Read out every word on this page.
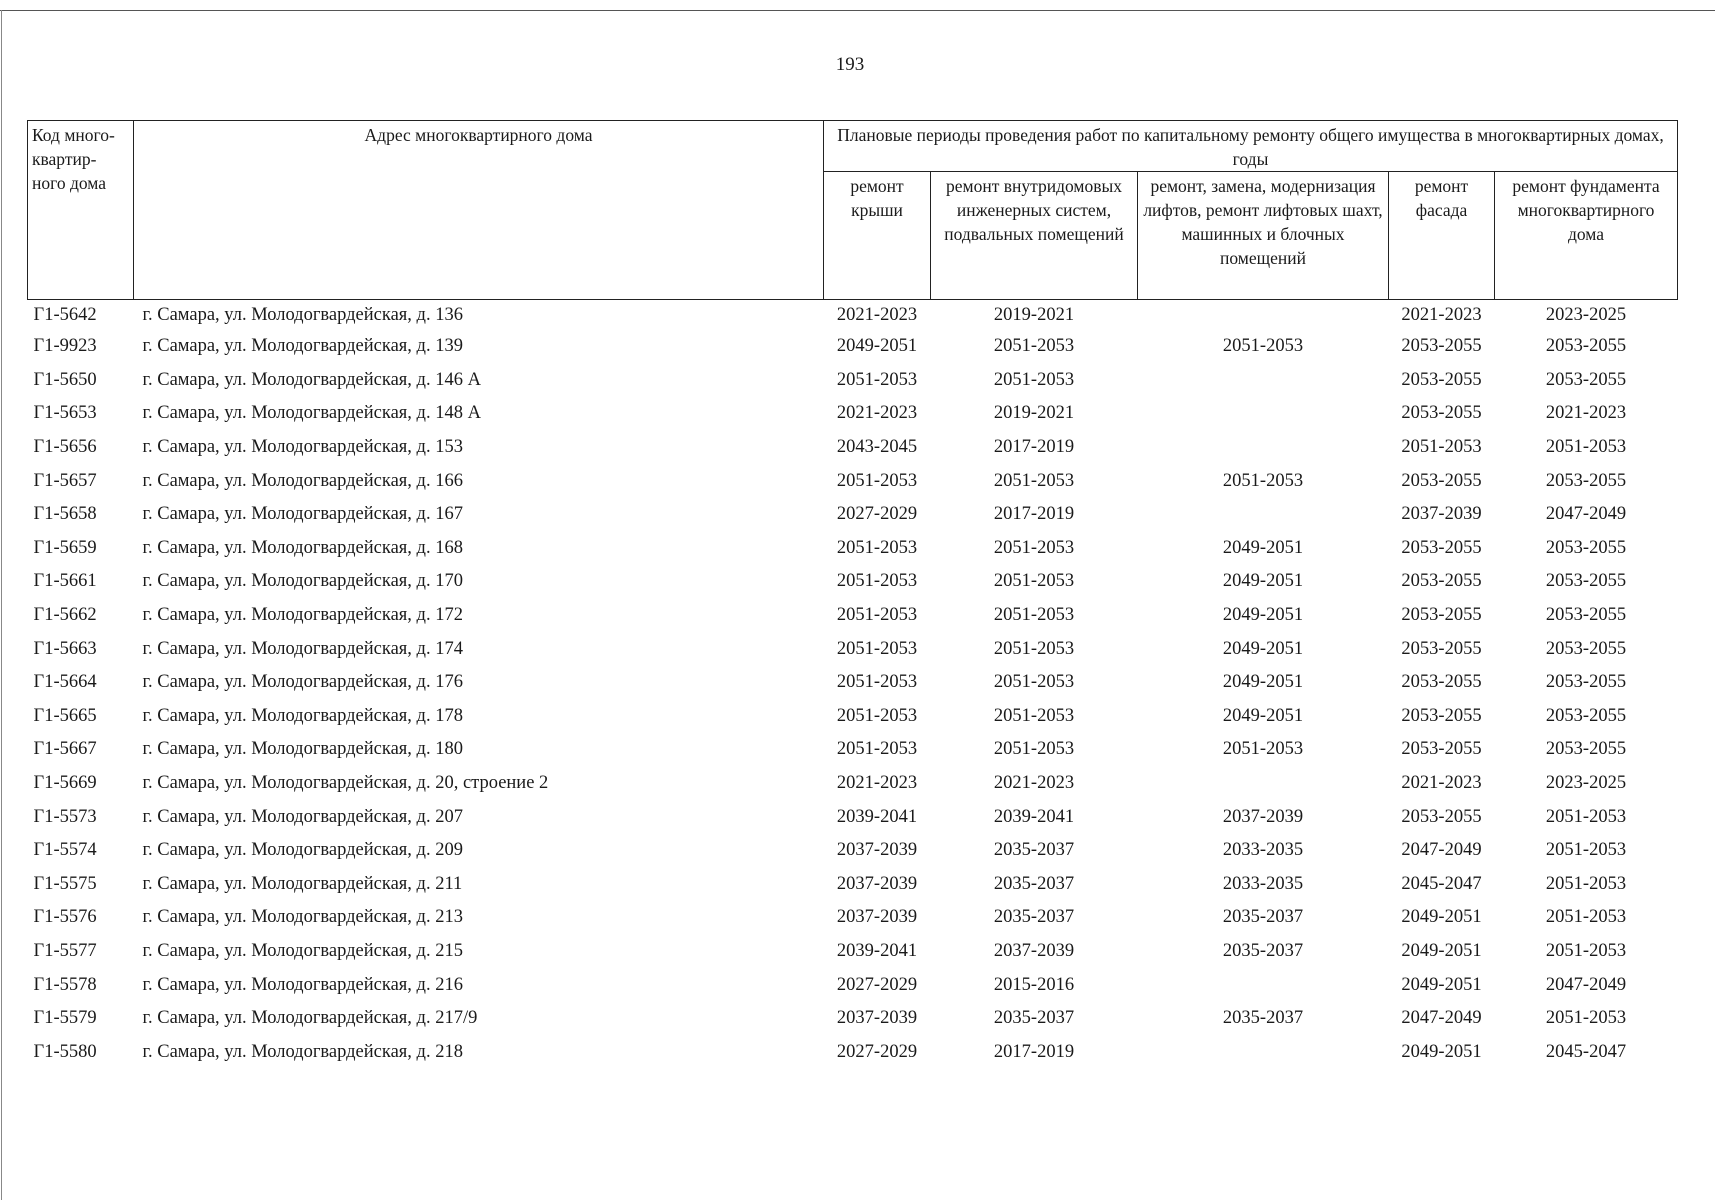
193
Код много-квартир-ного дома	Адрес многоквартирного дома	Плановые периоды проведения работ по капитальному ремонту общего имущества в многоквартирных домах, годы				
		ремонт крыши	ремонт внутридомовых инженерных систем, подвальных помещений	ремонт, замена, модернизация лифтов, ремонт лифтовых шахт, машинных и блочных помещений	ремонт фасада	ремонт фундамента многоквартирного дома
Г1-5642	г. Самара, ул. Молодогвардейская, д. 136	2021-2023	2019-2021		2021-2023	2023-2025
Г1-9923	г. Самара, ул. Молодогвардейская, д. 139	2049-2051	2051-2053	2051-2053	2053-2055	2053-2055
Г1-5650	г. Самара, ул. Молодогвардейская, д. 146 А	2051-2053	2051-2053		2053-2055	2053-2055
Г1-5653	г. Самара, ул. Молодогвардейская, д. 148 А	2021-2023	2019-2021		2053-2055	2021-2023
Г1-5656	г. Самара, ул. Молодогвардейская, д. 153	2043-2045	2017-2019		2051-2053	2051-2053
Г1-5657	г. Самара, ул. Молодогвардейская, д. 166	2051-2053	2051-2053	2051-2053	2053-2055	2053-2055
Г1-5658	г. Самара, ул. Молодогвардейская, д. 167	2027-2029	2017-2019		2037-2039	2047-2049
Г1-5659	г. Самара, ул. Молодогвардейская, д. 168	2051-2053	2051-2053	2049-2051	2053-2055	2053-2055
Г1-5661	г. Самара, ул. Молодогвардейская, д. 170	2051-2053	2051-2053	2049-2051	2053-2055	2053-2055
Г1-5662	г. Самара, ул. Молодогвардейская, д. 172	2051-2053	2051-2053	2049-2051	2053-2055	2053-2055
Г1-5663	г. Самара, ул. Молодогвардейская, д. 174	2051-2053	2051-2053	2049-2051	2053-2055	2053-2055
Г1-5664	г. Самара, ул. Молодогвардейская, д. 176	2051-2053	2051-2053	2049-2051	2053-2055	2053-2055
Г1-5665	г. Самара, ул. Молодогвардейская, д. 178	2051-2053	2051-2053	2049-2051	2053-2055	2053-2055
Г1-5667	г. Самара, ул. Молодогвардейская, д. 180	2051-2053	2051-2053	2051-2053	2053-2055	2053-2055
Г1-5669	г. Самара, ул. Молодогвардейская, д. 20, строение 2	2021-2023	2021-2023		2021-2023	2023-2025
Г1-5573	г. Самара, ул. Молодогвардейская, д. 207	2039-2041	2039-2041	2037-2039	2053-2055	2051-2053
Г1-5574	г. Самара, ул. Молодогвардейская, д. 209	2037-2039	2035-2037	2033-2035	2047-2049	2051-2053
Г1-5575	г. Самара, ул. Молодогвардейская, д. 211	2037-2039	2035-2037	2033-2035	2045-2047	2051-2053
Г1-5576	г. Самара, ул. Молодогвардейская, д. 213	2037-2039	2035-2037	2035-2037	2049-2051	2051-2053
Г1-5577	г. Самара, ул. Молодогвардейская, д. 215	2039-2041	2037-2039	2035-2037	2049-2051	2051-2053
Г1-5578	г. Самара, ул. Молодогвардейская, д. 216	2027-2029	2015-2016		2049-2051	2047-2049
Г1-5579	г. Самара, ул. Молодогвардейская, д. 217/9	2037-2039	2035-2037	2035-2037	2047-2049	2051-2053
Г1-5580	г. Самара, ул. Молодогвардейская, д. 218	2027-2029	2017-2019		2049-2051	2045-2047
